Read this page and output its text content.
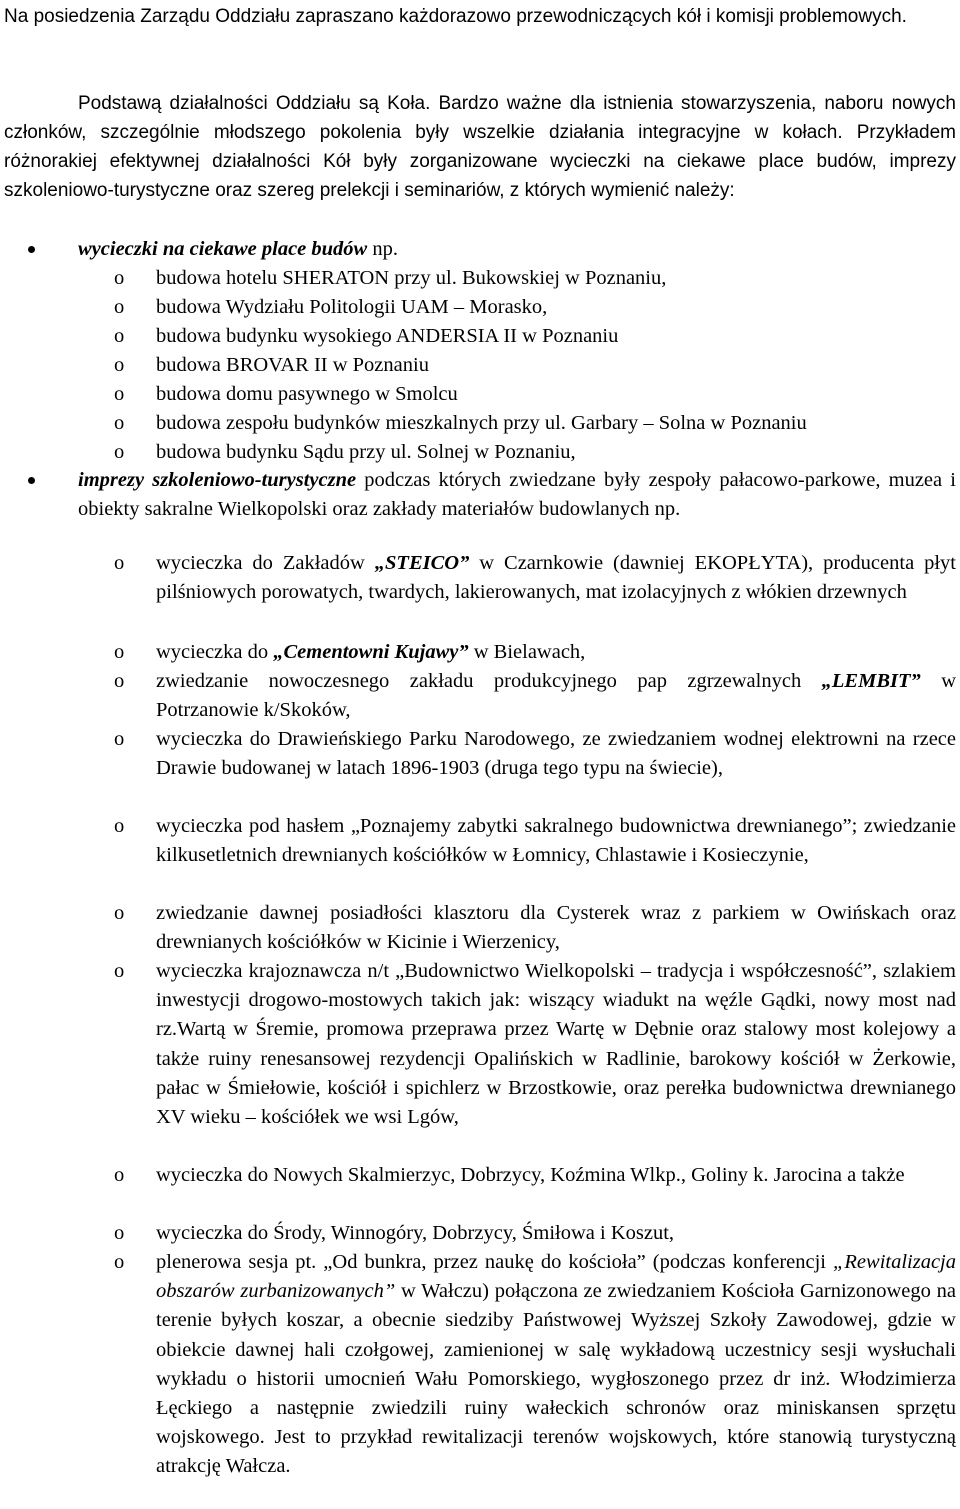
Na posiedzenia Zarządu Oddziału zapraszano każdorazowo przewodniczących kół i komisji problemowych.

Podstawą działalności Oddziału są Koła. Bardzo ważne dla istnienia stowarzyszenia, naboru nowych członków, szczególnie młodszego pokolenia były wszelkie działania integracyjne w kołach. Przykładem różnorakiej efektywnej działalności Kół były zorganizowane wycieczki na ciekawe place budów, imprezy szkoleniowo-turystyczne oraz szereg prelekcji i seminariów, z których wymienić należy:

wycieczki na ciekawe place budów np.

o budowa hotelu SHERATON przy ul. Bukowskiej w Poznaniu,

o budowa Wydziału Politologii UAM – Morasko,

o budowa budynku wysokiego ANDERSIA II w Poznaniu

o budowa BROVAR II w Poznaniu

o budowa domu pasywnego w Smolcu

o budowa zespołu budynków mieszkalnych przy ul. Garbary – Solna w Poznaniu

o budowa budynku Sądu przy ul. Solnej w Poznaniu,

imprezy szkoleniowo-turystyczne podczas których zwiedzane były zespoły pałacowo-parkowe, muzea i obiekty sakralne Wielkopolski oraz zakłady materiałów budowlanych np.

o wycieczka do Zakładów „STEICO” w Czarnkowie (dawniej EKOPŁYTA), producenta płyt pilśniowych porowatych, twardych, lakierowanych, mat izolacyjnych z włókien drzewnych

o wycieczka do „Cementowni Kujawy” w Bielawach,

o zwiedzanie nowoczesnego zakładu produkcyjnego pap zgrzewalnych „LEMBIT” w Potrzanowie k/Skoków,

o wycieczka do Drawieńskiego Parku Narodowego, ze zwiedzaniem wodnej elektrowni na rzece Drawie budowanej w latach 1896-1903 (druga tego typu na świecie),

o wycieczka pod hasłem „Poznajemy zabytki sakralnego budownictwa drewnianego”; zwiedzanie kilkusetletnich drewnianych kościółków w Łomnicy, Chlastawie i Kosieczynie,

o zwiedzanie dawnej posiadłości klasztoru dla Cysterek wraz z parkiem w Owińskach oraz drewnianych kościółków w Kicinie i Wierzenicy,

o wycieczka krajoznawcza n/t „Budownictwo Wielkopolski – tradycja i współczesność”, szlakiem inwestycji drogowo-mostowych takich jak: wiszący wiadukt na węźle Gądki, nowy most nad rz.Wartą w Śremie, promowa przeprawa przez Wartę w Dębnie oraz stalowy most kolejowy a także ruiny renesansowej rezydencji Opalińskich w Radlinie, barokowy kościół w Żerkowie, pałac w Śmiełowie, kościół i spichlerz w Brzostkowie, oraz perełka budownictwa drewnianego XV wieku – kościółek we wsi Lgów,

o wycieczka do Nowych Skalmierzyc, Dobrzycy, Koźmina Wlkp., Goliny k. Jarocina a także

o wycieczka do Środy, Winnogóry, Dobrzycy, Śmiłowa i Koszut,

o plenerowa sesja pt. „Od bunkra, przez naukę do kościoła” (podczas konferencji „Rewitalizacja obszarów zurbanizowanych” w Wałczu) połączona ze zwiedzaniem Kościoła Garnizonowego na terenie byłych koszar, a obecnie siedziby Państwowej Wyższej Szkoły Zawodowej, gdzie w obiekcie dawnej hali czołgowej, zamienionej w salę wykładową uczestnicy sesji wysłuchali wykładu o historii umocnień Wału Pomorskiego, wygłoszonego przez dr inż. Włodzimierza Łęckiego a następnie zwiedzili ruiny wałeckich schronów oraz miniskansen sprzętu wojskowego. Jest to przykład rewitalizacji terenów wojskowych, które stanowią turystyczną atrakcję Wałcza.
